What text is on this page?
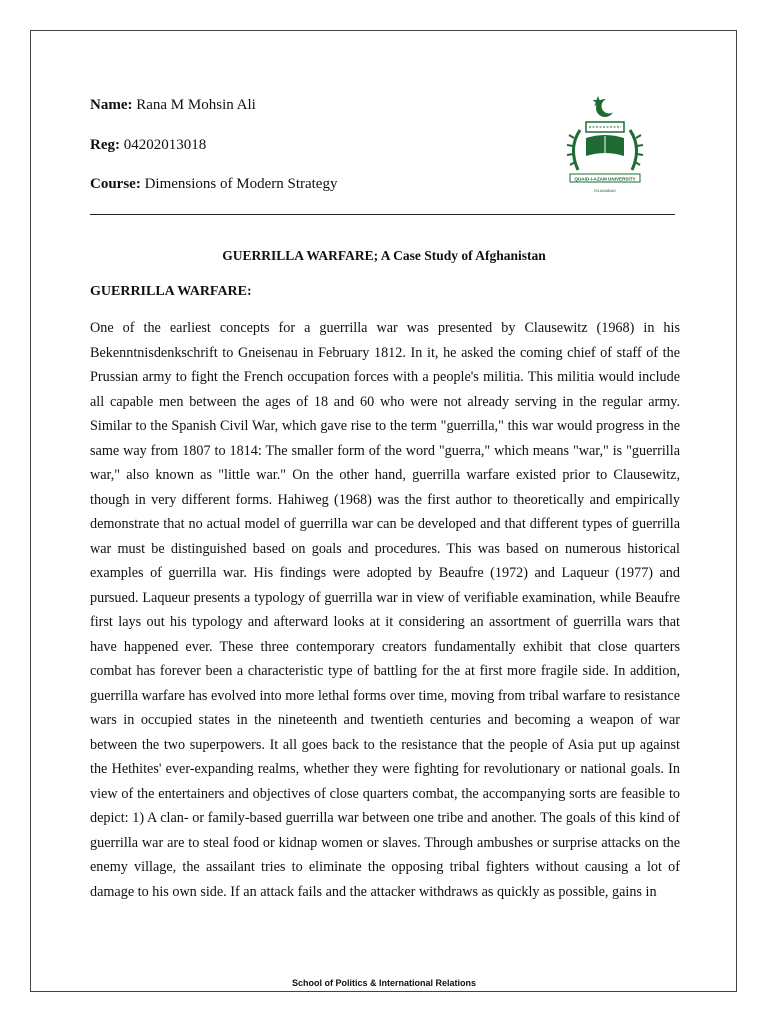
Name: Rana M Mohsin Ali
Reg: 04202013018
Course: Dimensions of Modern Strategy	QUAID-I-AZAM UNIVERSITY
ISLAMABAD
GUERRILLA WARFARE; A Case Study of Afghanistan
GUERRILLA WARFARE:

One of the earliest concepts for a guerrilla war was presented by Clausewitz (1968) in his Bekenntnisdenkschrift to Gneisenau in February 1812. In it, he asked the coming chief of staff of the Prussian army to fight the French occupation forces with a people's militia. This militia would include all capable men between the ages of 18 and 60 who were not already serving in the regular army. Similar to the Spanish Civil War, which gave rise to the term "guerrilla," this war would progress in the same way from 1807 to 1814: The smaller form of the word "guerra," which means "war," is "guerrilla war," also known as "little war." On the other hand, guerrilla warfare existed prior to Clausewitz, though in very different forms. Hahiweg (1968) was the first author to theoretically and empirically demonstrate that no actual model of guerrilla war can be developed and that different types of guerrilla war must be distinguished based on goals and procedures. This was based on numerous historical examples of guerrilla war. His findings were adopted by Beaufre (1972) and Laqueur (1977) and pursued. Laqueur presents a typology of guerrilla war in view of verifiable examination, while Beaufre first lays out his typology and afterward looks at it considering an assortment of guerrilla wars that have happened ever. These three contemporary creators fundamentally exhibit that close quarters combat has forever been a characteristic type of battling for the at first more fragile side. In addition, guerrilla warfare has evolved into more lethal forms over time, moving from tribal warfare to resistance wars in occupied states in the nineteenth and twentieth centuries and becoming a weapon of war between the two superpowers. It all goes back to the resistance that the people of Asia put up against the Hethites' ever-expanding realms, whether they were fighting for revolutionary or national goals. In view of the entertainers and objectives of close quarters combat, the accompanying sorts are feasible to depict: 1) A clan- or family-based guerrilla war between one tribe and another. The goals of this kind of guerrilla war are to steal food or kidnap women or slaves. Through ambushes or surprise attacks on the enemy village, the assailant tries to eliminate the opposing tribal fighters without causing a lot of damage to his own side. If an attack fails and the attacker withdraws as quickly as possible, gains in

School of Politics & International Relations
